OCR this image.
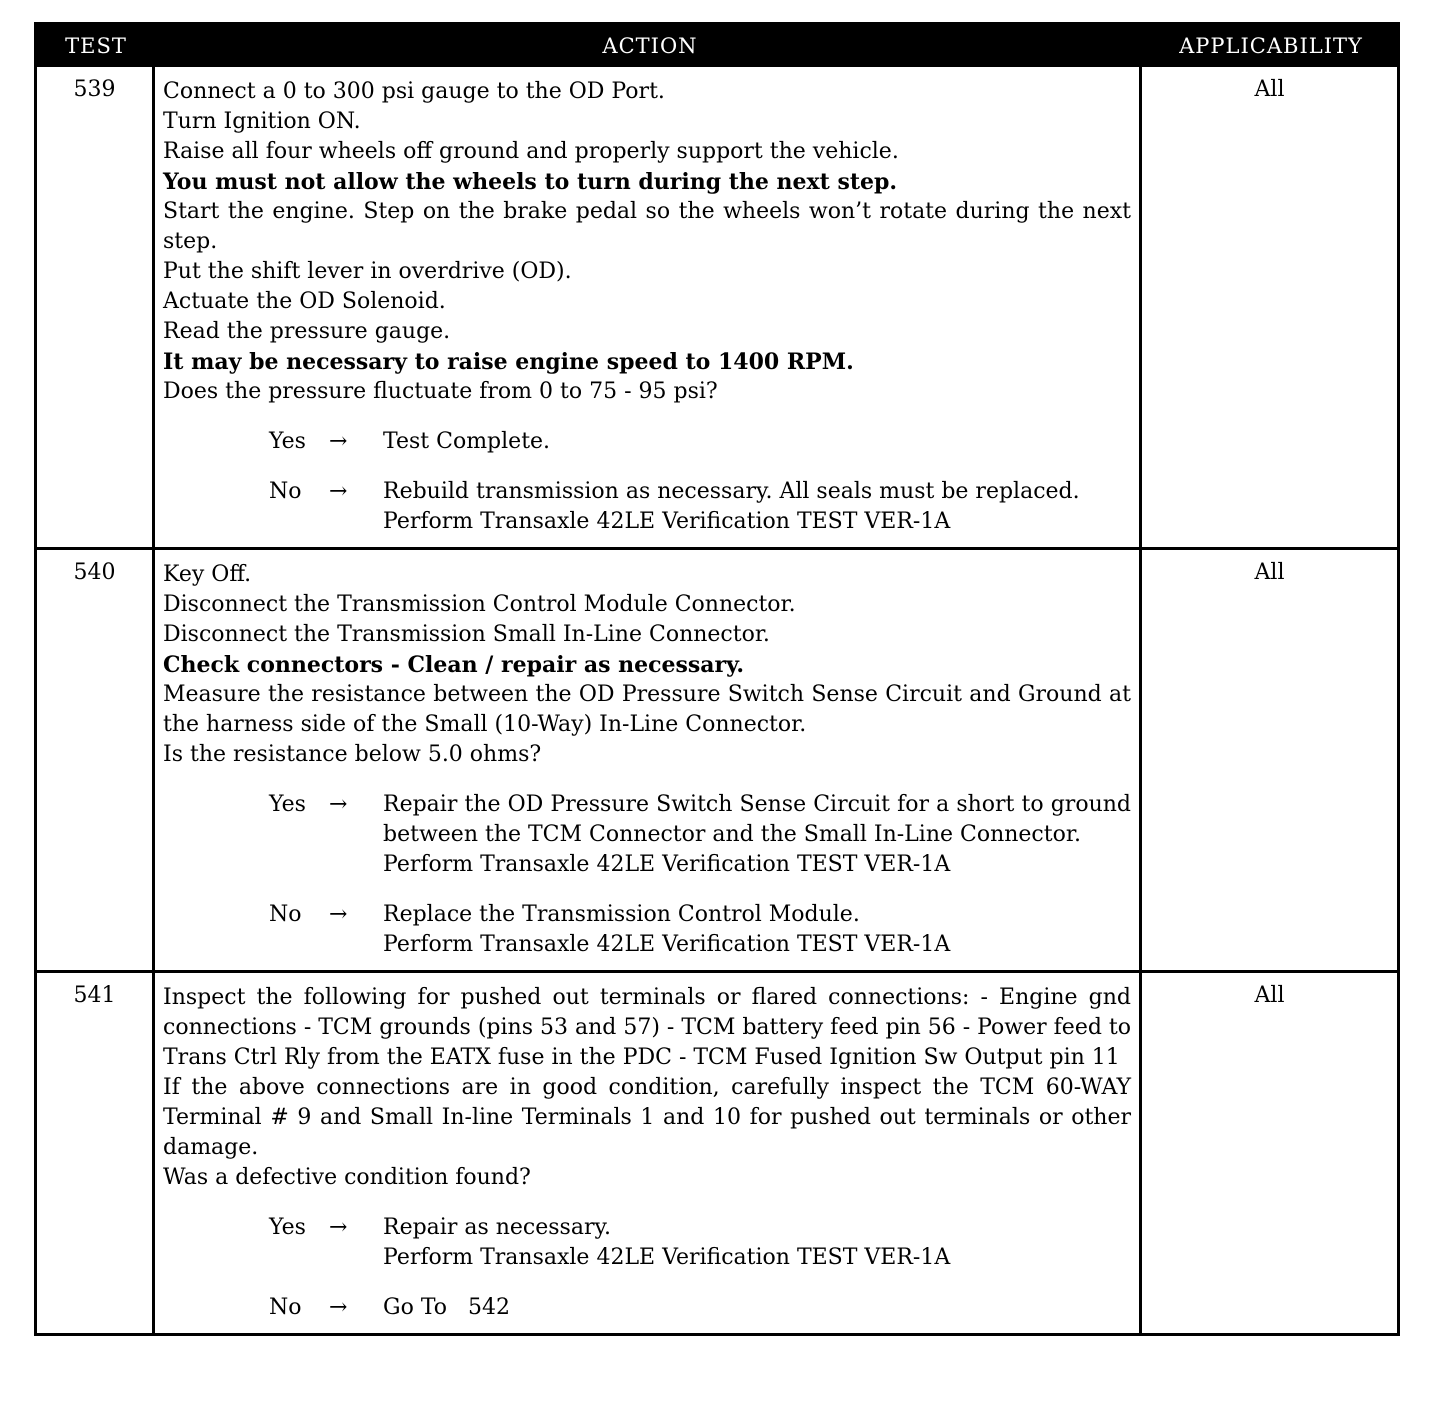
TEST	ACTION	APPLICABILITY
539	Connect a 0 to 300 psi gauge to the OD Port.
Turn Ignition ON.
Raise all four wheels off ground and properly support the vehicle.
You must not allow the wheels to turn during the next step.
Start the engine. Step on the brake pedal so the wheels won’t rotate during the next step.
Put the shift lever in overdrive (OD).
Actuate the OD Solenoid.
Read the pressure gauge.
It may be necessary to raise engine speed to 1400 RPM.
Does the pressure fluctuate from 0 to 75 - 95 psi?
Yes	→	Test Complete.
No	→	Rebuild transmission as necessary. All seals must be replaced.
Perform Transaxle 42LE Verification TEST VER-1A
All
540	Key Off.
Disconnect the Transmission Control Module Connector.
Disconnect the Transmission Small In-Line Connector.
Check connectors - Clean / repair as necessary.
Measure the resistance between the OD Pressure Switch Sense Circuit and Ground at the harness side of the Small (10-Way) In-Line Connector.
Is the resistance below 5.0 ohms?
Yes	→	Repair the OD Pressure Switch Sense Circuit for a short to ground between the TCM Connector and the Small In-Line Connector.
Perform Transaxle 42LE Verification TEST VER-1A
No	→	Replace the Transmission Control Module.
Perform Transaxle 42LE Verification TEST VER-1A
All
541	Inspect the following for pushed out terminals or flared connections: - Engine gnd connections - TCM grounds (pins 53 and 57) - TCM battery feed pin 56 - Power feed to Trans Ctrl Rly from the EATX fuse in the PDC - TCM Fused Ignition Sw Output pin 11
If the above connections are in good condition, carefully inspect the TCM 60-WAY Terminal # 9 and Small In-line Terminals 1 and 10 for pushed out terminals or other damage.
Was a defective condition found?
Yes	→	Repair as necessary.
Perform Transaxle 42LE Verification TEST VER-1A
No	→	Go To   542
All
